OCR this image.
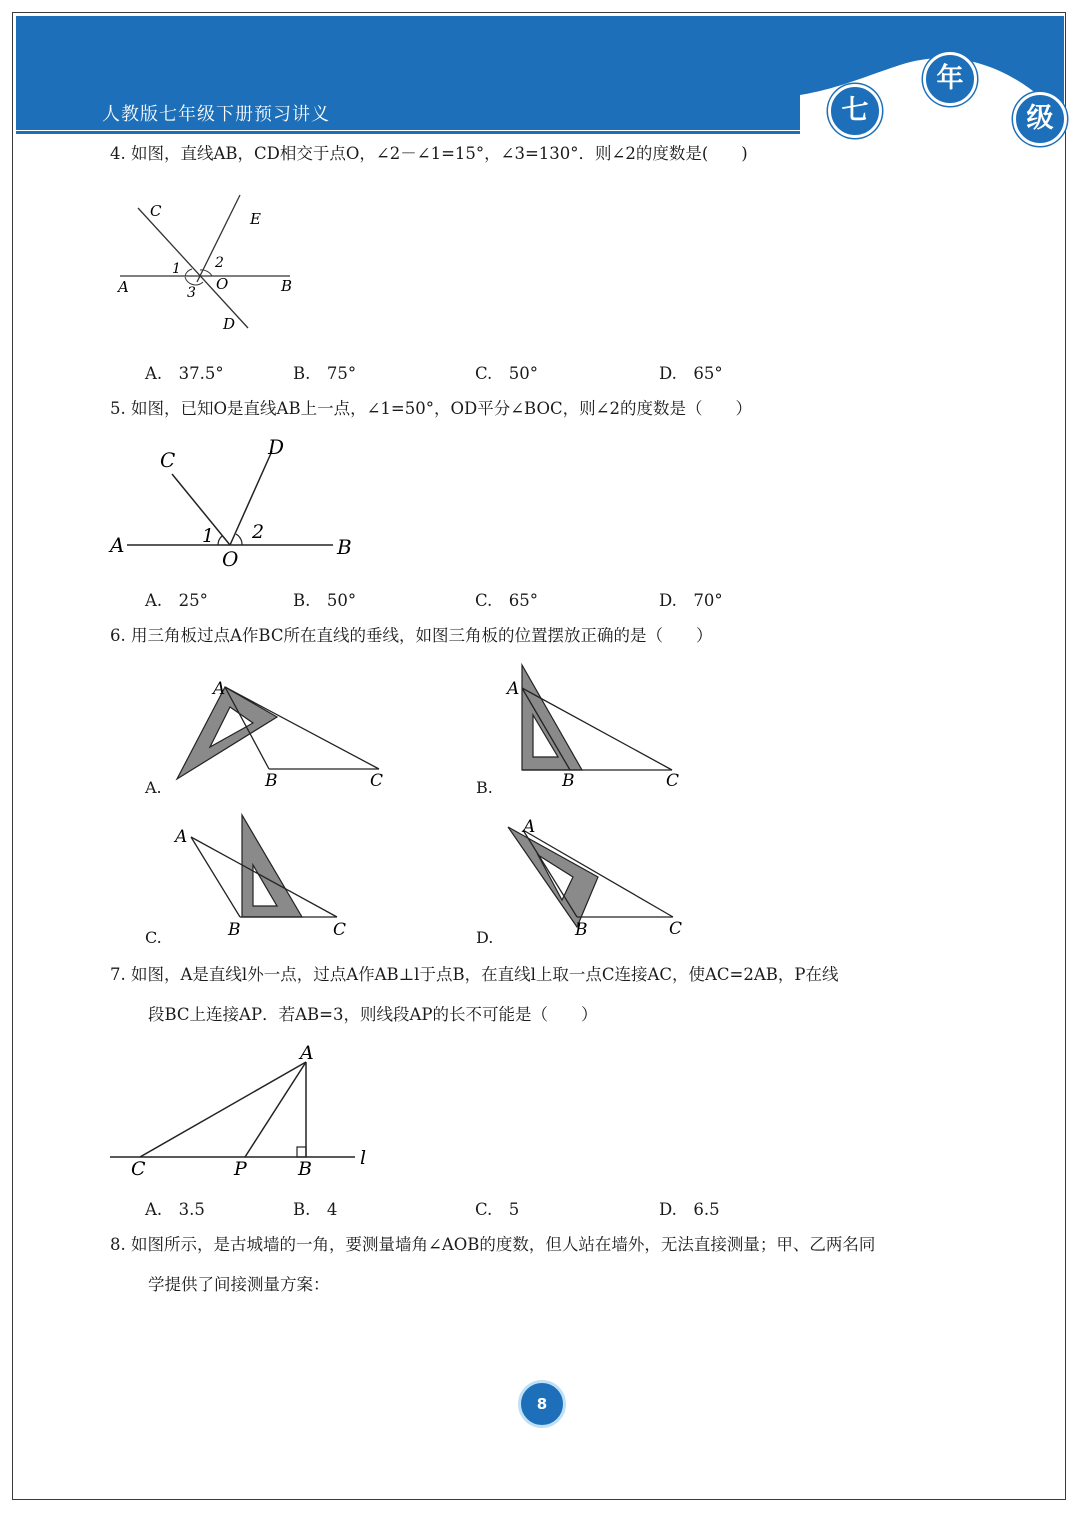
人教版七年级下册预习讲义	七
年
级
4. 如图，直线AB，CD相交于点O，∠2－∠1=15°，∠3=130°．则∠2的度数是(　　)
C	E
1 2
A	3 O	B
D
A.　37.5°	B.　75°	C.　50°	D.　65°
5. 如图，已知O是直线AB上一点，∠1=50°，OD平分∠BOC，则∠2的度数是（　　）
C
D
1 2
A
O	B
A.　25°	B.　50°	C.　65°	D.　70°
6. 用三角板过点A作BC所在直线的垂线，如图三角板的位置摆放正确的是（　　）
A
B	C
A.
A
B	C
B.
A
B	C
C.
A
B	C
D.
7. 如图，A是直线l外一点，过点A作AB⊥l于点B，在直线l上取一点C连接AC，使AC=2AB，P在线
段BC上连接AP．若AB=3，则线段AP的长不可能是（　　）
A
C	P	B	l
A.　3.5	B.　4	C.　5	D.　6.5
8. 如图所示，是古城墙的一角，要测量墙角∠AOB的度数，但人站在墙外，无法直接测量；甲、乙两名同
学提供了间接测量方案：
8
